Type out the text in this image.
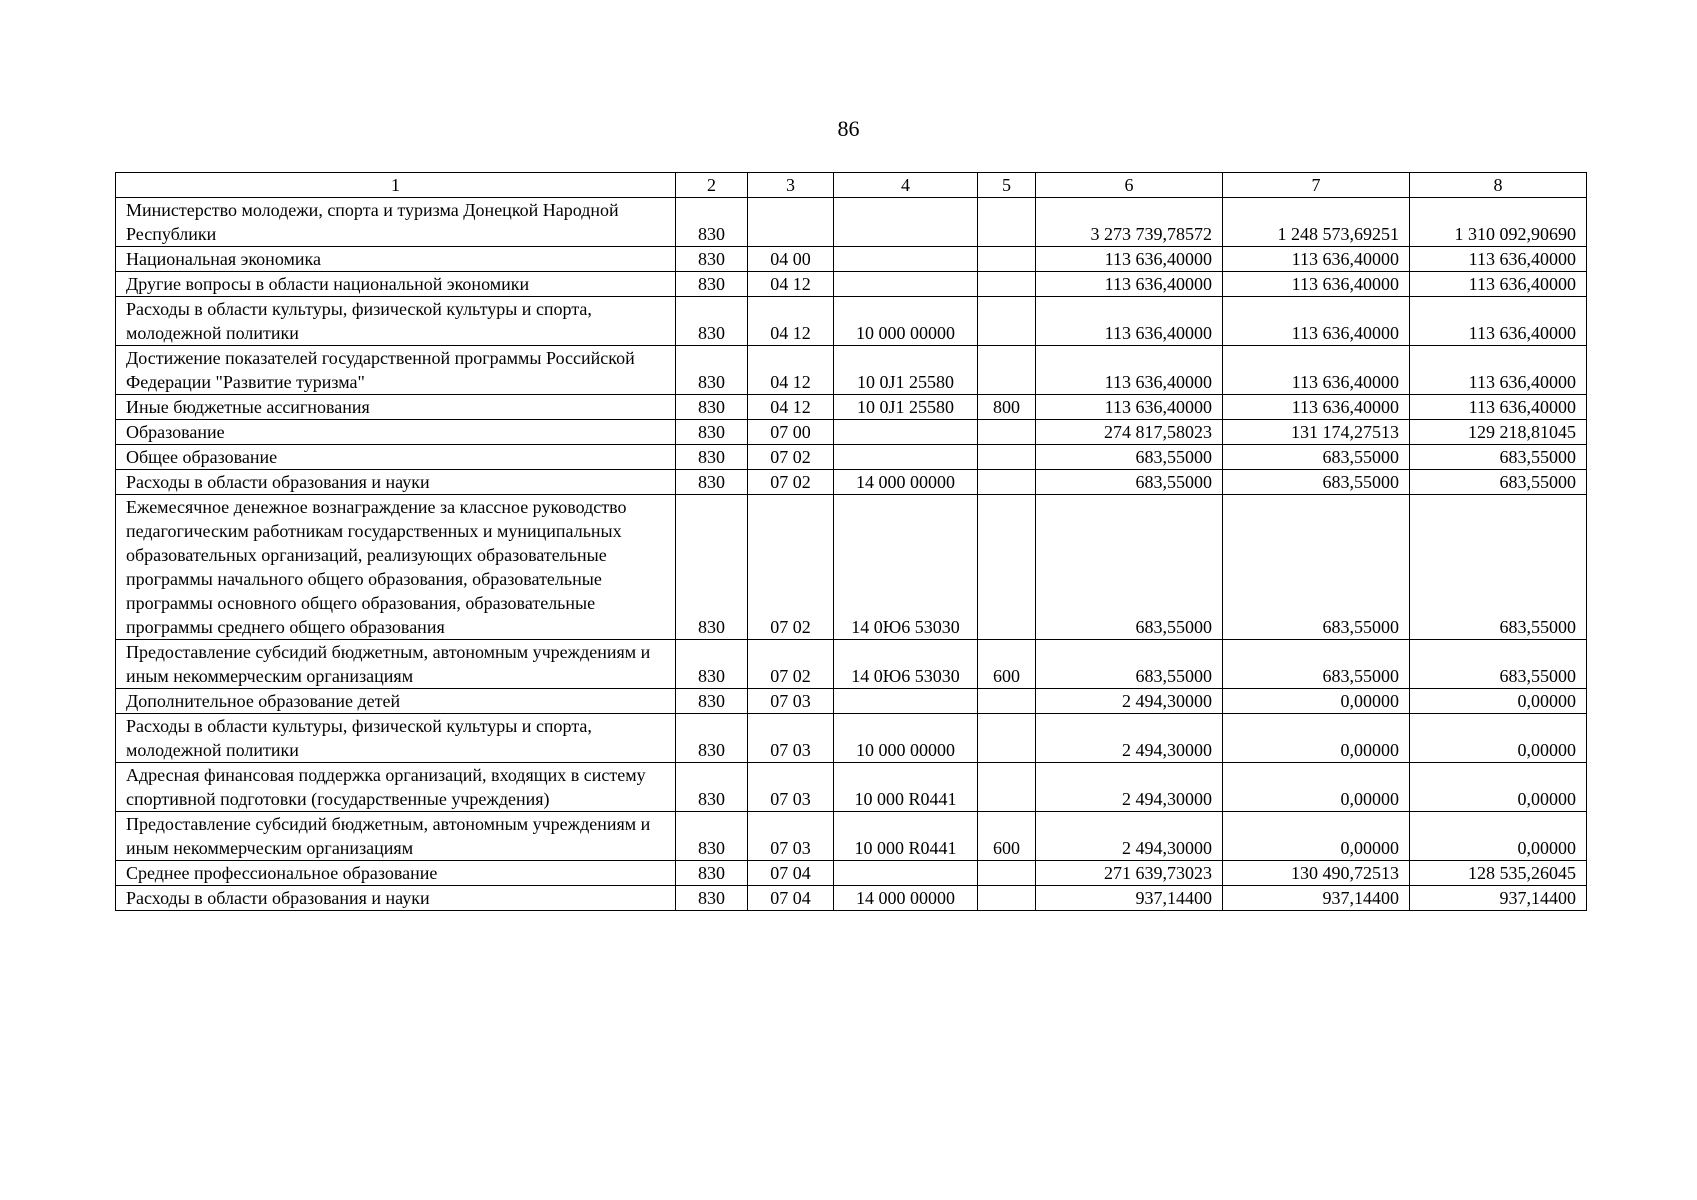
86
1	2	3	4	5	6	7	8
Министерство молодежи, спорта и туризма Донецкой Народной Республики	830				3 273 739,78572	1 248 573,69251	1 310 092,90690
Национальная экономика	830	04 00			113 636,40000	113 636,40000	113 636,40000
Другие вопросы в области национальной экономики	830	04 12			113 636,40000	113 636,40000	113 636,40000
Расходы в области культуры, физической культуры и спорта, молодежной политики	830	04 12	10 000 00000		113 636,40000	113 636,40000	113 636,40000
Достижение показателей государственной программы Российской Федерации "Развитие туризма"	830	04 12	10 0J1 25580		113 636,40000	113 636,40000	113 636,40000
Иные бюджетные ассигнования	830	04 12	10 0J1 25580	800	113 636,40000	113 636,40000	113 636,40000
Образование	830	07 00			274 817,58023	131 174,27513	129 218,81045
Общее образование	830	07 02			683,55000	683,55000	683,55000
Расходы в области образования и науки	830	07 02	14 000 00000		683,55000	683,55000	683,55000
Ежемесячное денежное вознаграждение за классное руководство педагогическим работникам государственных и муниципальных образовательных организаций, реализующих образовательные программы начального общего образования, образовательные программы основного общего образования, образовательные программы среднего общего образования	830	07 02	14 0Ю6 53030		683,55000	683,55000	683,55000
Предоставление субсидий бюджетным, автономным учреждениям и иным некоммерческим организациям	830	07 02	14 0Ю6 53030	600	683,55000	683,55000	683,55000
Дополнительное образование детей	830	07 03			2 494,30000	0,00000	0,00000
Расходы в области культуры, физической культуры и спорта, молодежной политики	830	07 03	10 000 00000		2 494,30000	0,00000	0,00000
Адресная финансовая поддержка организаций, входящих в систему спортивной подготовки (государственные учреждения)	830	07 03	10 000 R0441		2 494,30000	0,00000	0,00000
Предоставление субсидий бюджетным, автономным учреждениям и иным некоммерческим организациям	830	07 03	10 000 R0441	600	2 494,30000	0,00000	0,00000
Среднее профессиональное образование	830	07 04			271 639,73023	130 490,72513	128 535,26045
Расходы в области образования и науки	830	07 04	14 000 00000		937,14400	937,14400	937,14400
